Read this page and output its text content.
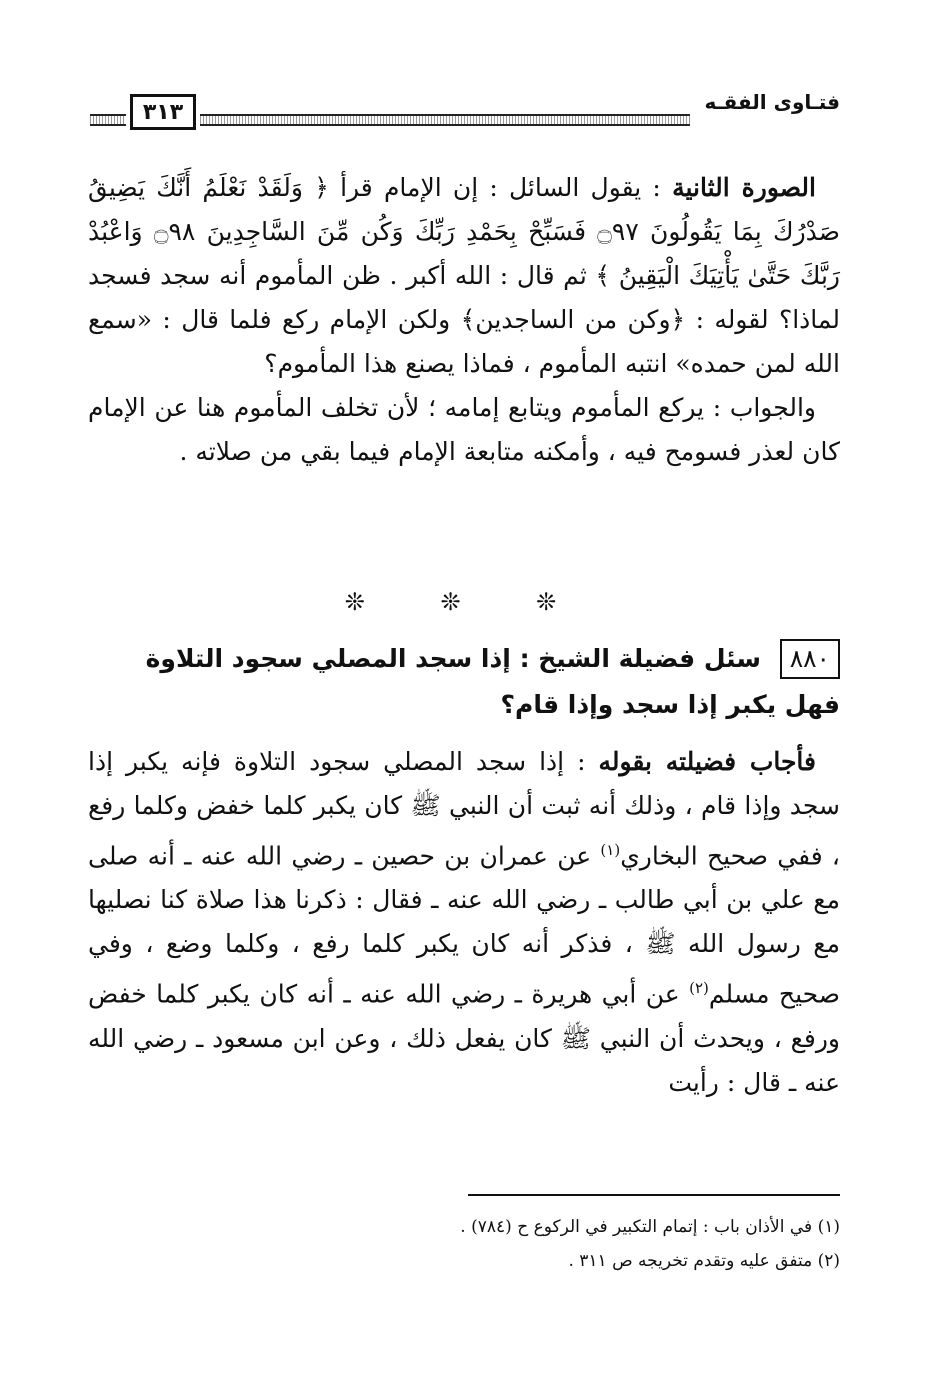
٣١٣	فتـاوى الفقـه

الصورة الثانية : يقول السائل : إن الإمام قرأ ﴿ وَلَقَدْ نَعْلَمُ أَنَّكَ يَضِيقُ صَدْرُكَ بِمَا يَقُولُونَ ۝٩٧ فَسَبِّحْ بِحَمْدِ رَبِّكَ وَكُن مِّنَ السَّاجِدِينَ ۝٩٨ وَاعْبُدْ رَبَّكَ حَتَّىٰ يَأْتِيَكَ الْيَقِينُ ﴾ ثم قال : الله أكبر . ظن المأموم أنه سجد فسجد لماذا؟ لقوله : ﴿وكن من الساجدين﴾ ولكن الإمام ركع فلما قال : «سمع الله لمن حمده» انتبه المأموم ، فماذا يصنع هذا المأموم؟

والجواب : يركع المأموم ويتابع إمامه ؛ لأن تخلف المأموم هنا عن الإمام كان لعذر فسومح فيه ، وأمكنه متابعة الإمام فيما بقي من صلاته .

❊ ❊ ❊
٨٨٠ سئل فضيلة الشيخ : إذا سجد المصلي سجود التلاوة فهل يكبر إذا سجد وإذا قام؟

فأجاب فضيلته بقوله : إذا سجد المصلي سجود التلاوة فإنه يكبر إذا سجد وإذا قام ، وذلك أنه ثبت أن النبي ﷺ كان يكبر كلما خفض وكلما رفع ، ففي صحيح البخاري$^{(١)}$ عن عمران بن حصين ـ رضي الله عنه ـ أنه صلى مع علي بن أبي طالب ـ رضي الله عنه ـ فقال : ذكرنا هذا صلاة كنا نصليها مع رسول الله ﷺ ، فذكر أنه كان يكبر كلما رفع ، وكلما وضع ، وفي صحيح مسلم$^{(٢)}$ عن أبي هريرة ـ رضي الله عنه ـ أنه كان يكبر كلما خفض ورفع ، ويحدث أن النبي ﷺ كان يفعل ذلك ، وعن ابن مسعود ـ رضي الله عنه ـ قال : رأيت

(١) في الأذان باب : إتمام التكبير في الركوع ح (٧٨٤) .

(٢) متفق عليه وتقدم تخريجه ص ٣١١ .
